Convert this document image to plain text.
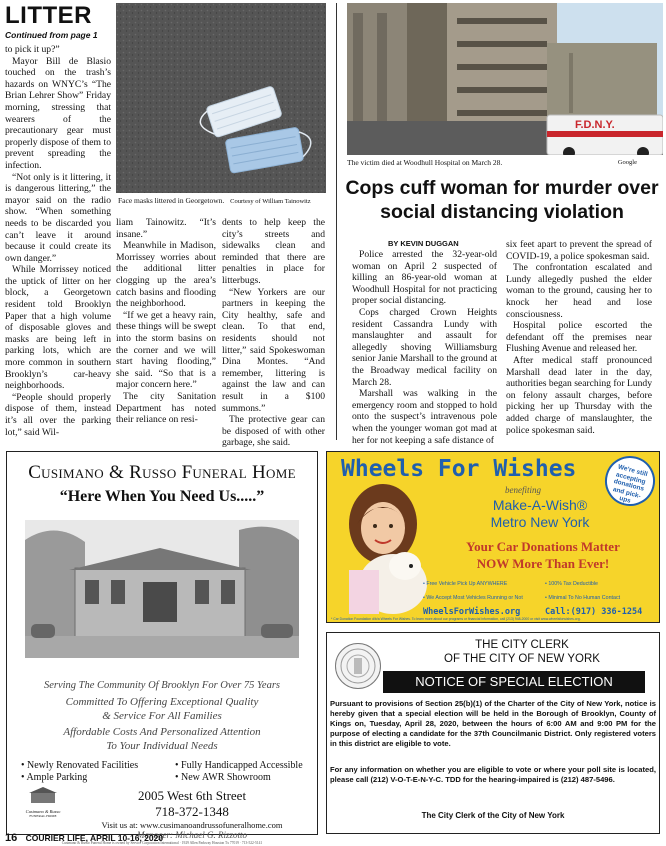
LITTER
Continued from page 1

to pick it up?”

Mayor Bill de Blasio touched on the trash’s hazards on WNYC’s “The Brian Lehrer Show” Friday morning, stressing that wearers of the precautionary gear must properly dispose of them to prevent spreading the infection.

“Not only is it littering, it is dangerous littering,” the mayor said on the radio show. “When something needs to be discarded you can’t leave it around because it could create its own danger.”

While Morrissey noticed the uptick of litter on her block, a Georgetown resident told Brooklyn Paper that a high volume of disposable gloves and masks are being left in parking lots, which are more common in southern Brooklyn’s car-heavy neighborhoods.

“People should properly dispose of them, instead it’s all over the parking lot,” said Wil-

Face masks littered in Georgetown. Courtesy of William Tainowitz

liam Tainowitz. “It’s insane.”

Meanwhile in Madison, Morrissey worries about the additional litter clogging up the area’s catch basins and flooding the neighborhood.

“If we get a heavy rain, these things will be swept into the storm basins on the corner and we will start having flooding,” she said. “So that is a major concern here.”

The city Sanitation Department has noted their reliance on resi-

dents to help keep the city’s streets and sidewalks clean and reminded that there are penalties in place for litterbugs.

“New Yorkers are our partners in keeping the City healthy, safe and clean. To that end, residents should not litter,” said Spokeswoman Dina Montes. “And remember, littering is against the law and can result in a $100 summons.”

The protective gear can be disposed of with other garbage, she said.

F.D.N.Y.
The victim died at Woodhull Hospital on March 28.	Google
Cops cuff woman for murder over social distancing violation
BY KEVIN DUGGAN

Police arrested the 32-year-old woman on April 2 suspected of killing an 86-year-old woman at Woodhull Hospital for not practicing proper social distancing.

Cops charged Crown Heights resident Cassandra Lundy with manslaughter and assault for allegedly shoving Williamsburg senior Janie Marshall to the ground at the Broadway medical facility on March 28.

Marshall was walking in the emergency room and stopped to hold onto the suspect’s intravenous pole when the younger woman got mad at her for not keeping a safe distance of

six feet apart to prevent the spread of COVID-19, a police spokesman said.

The confrontation escalated and Lundy allegedly pushed the elder woman to the ground, causing her to knock her head and lose consciousness.

Hospital police escorted the defendant off the premises near Flushing Avenue and released her.

After medical staff pronounced Marshall dead later in the day, authorities began searching for Lundy on felony assault charges, before picking her up Thursday with the added charge of manslaughter, the police spokesman said.

Cusimano & Russo Funeral Home
“Here When You Need Us.....”
Serving The Community Of Brooklyn For Over 75 Years
Committed To Offering Exceptional Quality
& Service For All Families
Affordable Costs And Personalized Attention
To Your Individual Needs
• Newly Renovated Facilities
• Ample Parking
• Fully Handicapped Accessible
• New AWR Showroom
Cusimano & Russo
FUNERAL HOME
2005 West 6th Street
718-372-1348
Visit us at: www.cusimanoandrussofuneralhome.com
Manager: Michael G. Rizzotto
Cusimano & Russo Funeral Home is owned by Service Corporation International · 1929 Allen Parkway Houston Tx 77019 · 713-522-5141
Wheels For Wishes	We're still accepting donations and pick-ups
benefiting
Make-A-Wish®
Metro New York
Your Car Donations Matter
NOW More Than Ever!
• Free Vehicle Pick Up ANYWHERE	• 100% Tax Deductible
• We Accept Most Vehicles Running or Not	• Minimal To No Human Contact
WheelsForWishes.org	Call:(917) 336-1254
* Car Donation Foundation d/b/a Wheels For Wishes. To learn more about our programs or financial information, call (213) 948-2000 or visit www.wheelsforwishes.org.
THE CITY CLERK
OF THE CITY OF NEW YORK
NOTICE OF SPECIAL ELECTION
Pursuant to provisions of Section 25(b)(1) of the Charter of the City of New York, notice is hereby given that a special election will be held in the Borough of Brooklyn, County of Kings on, Tuesday, April 28, 2020, between the hours of 6:00 AM and 9:00 PM for the purpose of electing a candidate for the 37th Councilmanic District. Only registered voters in this district are eligible to vote.
For any information on whether you are eligible to vote or where your poll site is located, please call (212) V-O-T-E-N-Y-C. TDD for the hearing-impaired is (212) 487-5496.
The City Clerk of the City of New York
16 COURIER LIFE, APRIL 10-16, 2020
